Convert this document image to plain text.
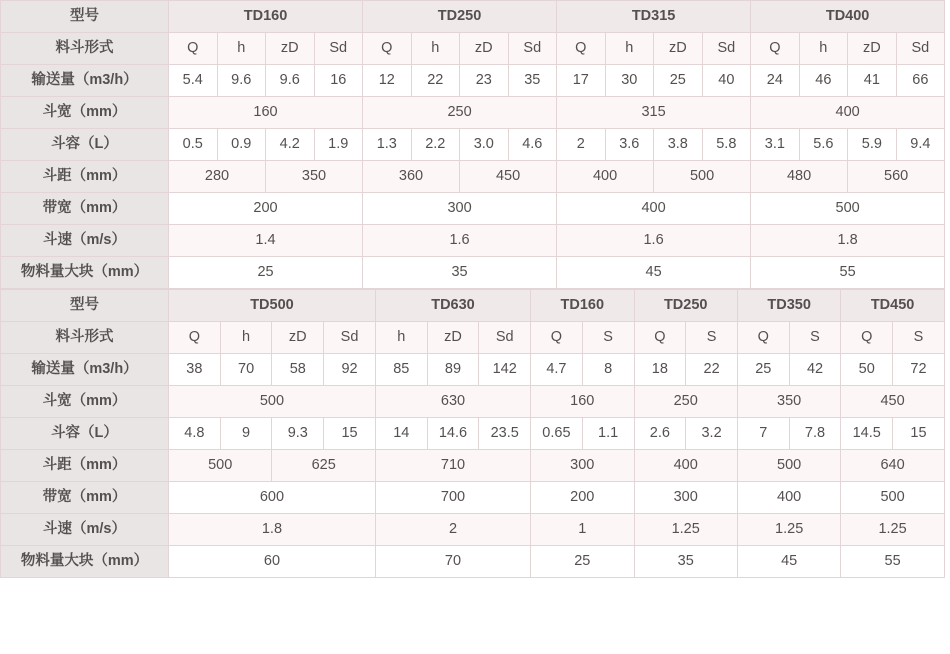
型号	TD160				TD250				TD315				TD400			
料斗形式	Q	h	zD	Sd	Q	h	zD	Sd	Q	h	zD	Sd	Q	h	zD	Sd
输送量（m3/h）	5.4	9.6	9.6	16	12	22	23	35	17	30	25	40	24	46	41	66
斗宽（mm）	160				250				315				400			
斗容（L）	0.5	0.9	4.2	1.9	1.3	2.2	3.0	4.6	2	3.6	3.8	5.8	3.1	5.6	5.9	9.4
斗距（mm）	280		350		360		450		400		500		480		560	
带宽（mm）	200				300				400				500			
斗速（m/s）	1.4				1.6				1.6				1.8			
物料量大块（mm）	25				35				45				55			
型号	TD500				TD630			TD160		TD250		TD350		TD450	
料斗形式	Q	h	zD	Sd	h	zD	Sd	Q	S	Q	S	Q	S	Q	S
输送量（m3/h）	38	70	58	92	85	89	142	4.7	8	18	22	25	42	50	72
斗宽（mm）	500				630			160		250		350		450	
斗容（L）	4.8	9	9.3	15	14	14.6	23.5	0.65	1.1	2.6	3.2	7	7.8	14.5	15
斗距（mm）	500		625		710			300		400		500		640	
带宽（mm）	600				700			200		300		400		500	
斗速（m/s）	1.8				2			1		1.25		1.25		1.25	
物料量大块（mm）	60				70			25		35		45		55	
